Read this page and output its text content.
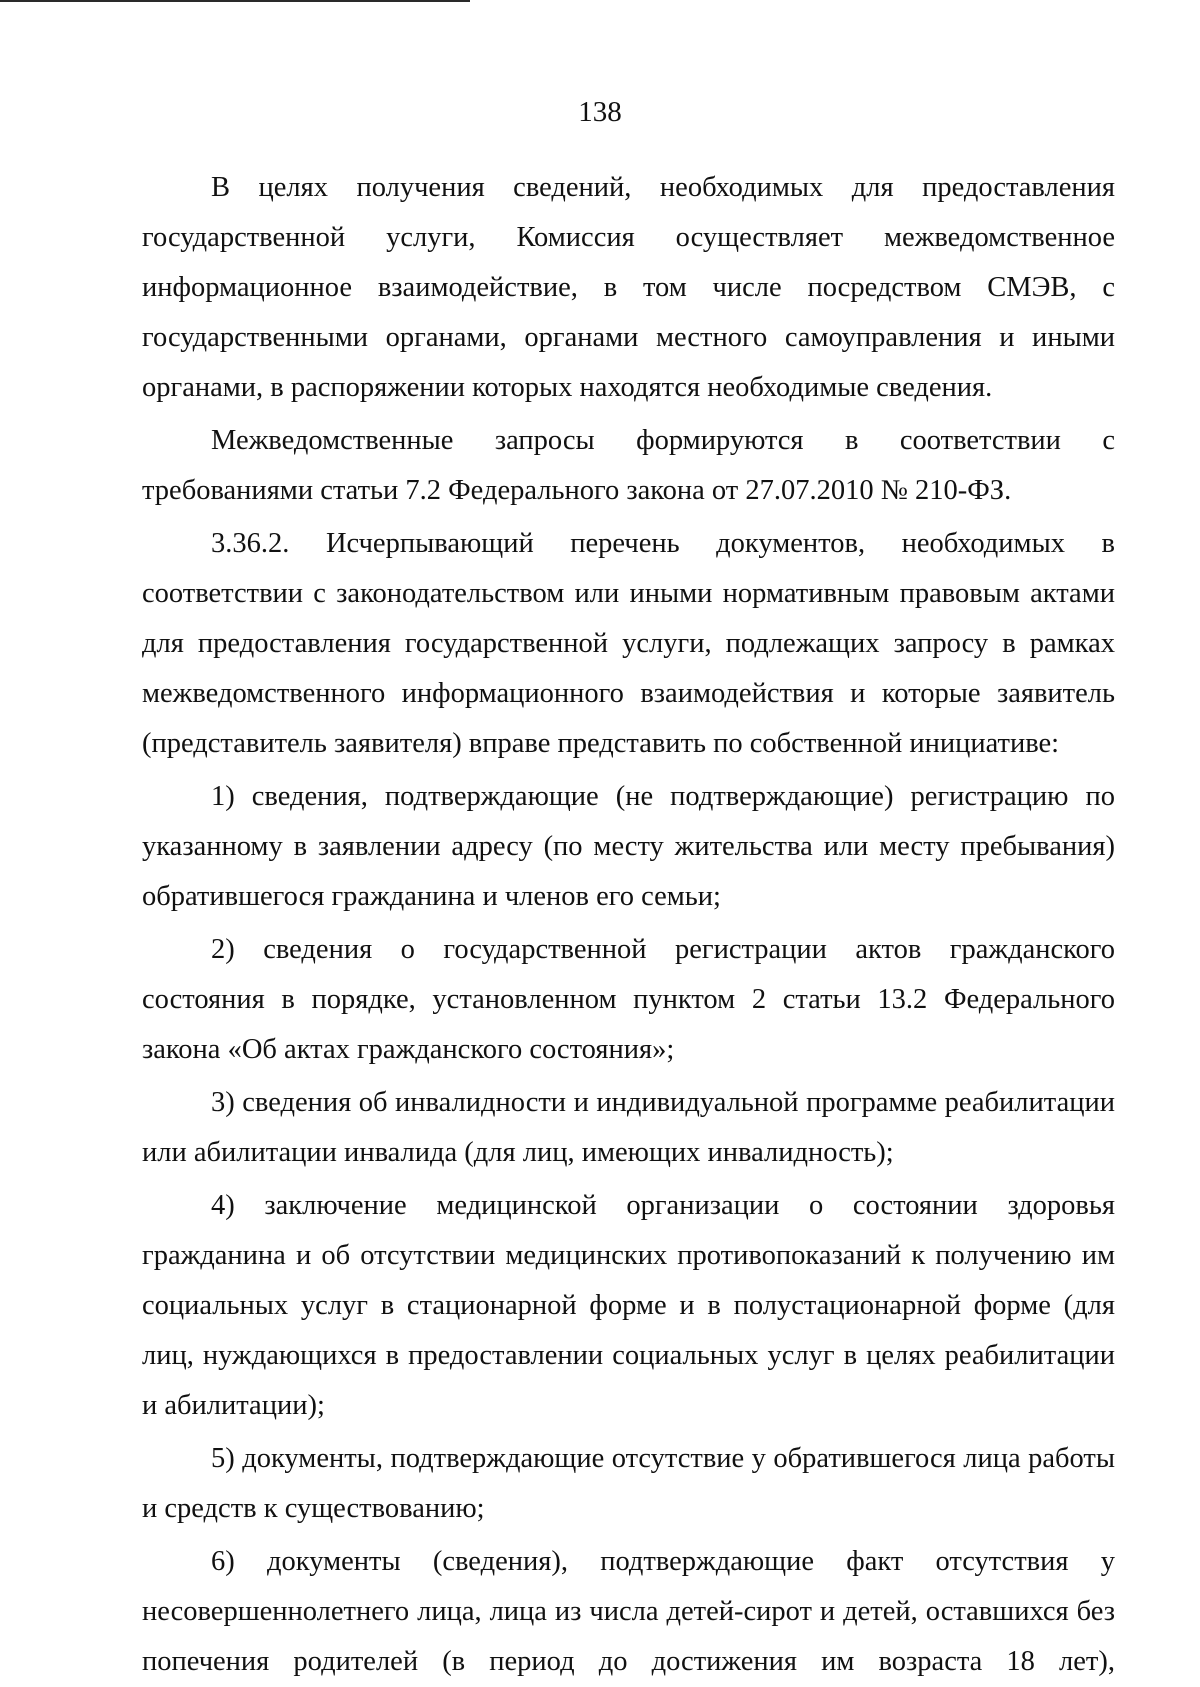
138

В целях получения сведений, необходимых для предоставления государственной услуги, Комиссия осуществляет межведомственное информационное взаимодействие, в том числе посредством СМЭВ, с государственными органами, органами местного самоуправления и иными органами, в распоряжении которых находятся необходимые сведения.

Межведомственные запросы формируются в соответствии с требованиями статьи 7.2 Федерального закона от 27.07.2010 № 210-ФЗ.

3.36.2. Исчерпывающий перечень документов, необходимых в соответствии с законодательством или иными нормативным правовым актами для предоставления государственной услуги, подлежащих запросу в рамках межведомственного информационного взаимодействия и которые заявитель (представитель заявителя) вправе представить по собственной инициативе:

1) сведения, подтверждающие (не подтверждающие) регистрацию по указанному в заявлении адресу (по месту жительства или месту пребывания) обратившегося гражданина и членов его семьи;

2) сведения о государственной регистрации актов гражданского состояния в порядке, установленном пунктом 2 статьи 13.2 Федерального закона «Об актах гражданского состояния»;

3) сведения об инвалидности и индивидуальной программе реабилитации или абилитации инвалида (для лиц, имеющих инвалидность);

4) заключение медицинской организации о состоянии здоровья гражданина и об отсутствии медицинских противопоказаний к получению им социальных услуг в стационарной форме и в полустационарной форме (для лиц, нуждающихся в предоставлении социальных услуг в целях реабилитации и абилитации);

5) документы, подтверждающие отсутствие у обратившегося лица работы и средств к существованию;

6) документы (сведения), подтверждающие факт отсутствия у несовершеннолетнего лица, лица из числа детей-сирот и детей, оставшихся без попечения родителей (в период до достижения им возраста 18 лет),
